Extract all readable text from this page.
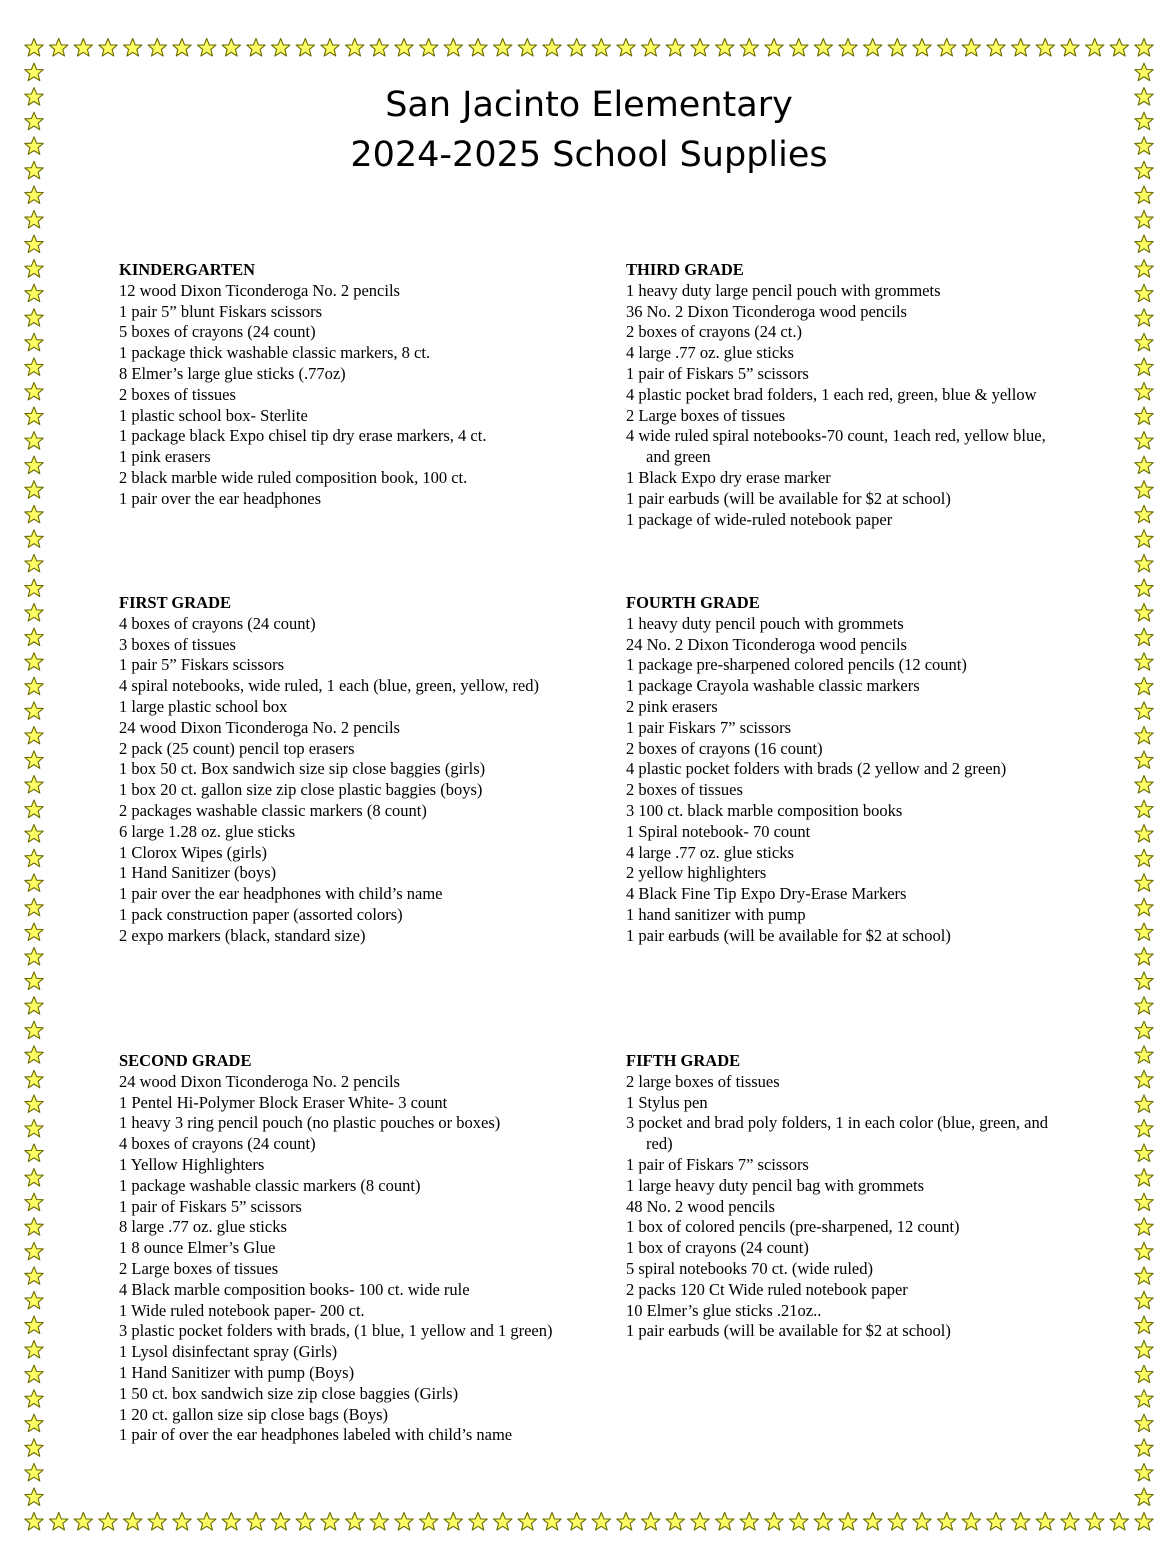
San Jacinto Elementary
2024-2025 School Supplies
KINDERGARTEN
12 wood Dixon Ticonderoga No. 2 pencils
1 pair 5” blunt Fiskars scissors
5 boxes of crayons (24 count)
1 package thick washable classic markers, 8 ct.
8 Elmer’s large glue sticks (.77oz)
2 boxes of tissues
1 plastic school box- Sterlite
1 package black Expo chisel tip dry erase markers, 4 ct.
1 pink erasers
2 black marble wide ruled composition book, 100 ct.
1 pair over the ear headphones
FIRST GRADE
4 boxes of crayons (24 count)
3 boxes of tissues
1 pair 5” Fiskars scissors
4 spiral notebooks, wide ruled, 1 each (blue, green, yellow, red)
1 large plastic school box
24 wood Dixon Ticonderoga No. 2 pencils
2 pack (25 count) pencil top erasers
1 box 50 ct. Box sandwich size sip close baggies (girls)
1 box 20 ct. gallon size zip close plastic baggies (boys)
2 packages washable classic markers (8 count)
6 large 1.28 oz. glue sticks
1 Clorox Wipes (girls)
1 Hand Sanitizer (boys)
1 pair over the ear headphones with child’s name
1 pack construction paper (assorted colors)
2 expo markers (black, standard size)
SECOND GRADE
24 wood Dixon Ticonderoga No. 2 pencils
1 Pentel Hi-Polymer Block Eraser White- 3 count
1 heavy 3 ring pencil pouch (no plastic pouches or boxes)
4 boxes of crayons (24 count)
1 Yellow Highlighters
1 package washable classic markers (8 count)
1 pair of Fiskars 5” scissors
8 large .77 oz. glue sticks
1 8 ounce Elmer’s Glue
2 Large boxes of tissues
4 Black marble composition books- 100 ct. wide rule
1 Wide ruled notebook paper- 200 ct.
3 plastic pocket folders with brads, (1 blue, 1 yellow and 1 green)
1 Lysol disinfectant spray (Girls)
1 Hand Sanitizer with pump (Boys)
1 50 ct. box sandwich size zip close baggies (Girls)
1 20 ct. gallon size sip close bags (Boys)
1 pair of over the ear headphones labeled with child’s name
THIRD GRADE
1 heavy duty large pencil pouch with grommets
36 No. 2 Dixon Ticonderoga wood pencils
2 boxes of crayons (24 ct.)
4 large .77 oz. glue sticks
1 pair of Fiskars 5” scissors
4 plastic pocket brad folders, 1 each red, green, blue & yellow
2 Large boxes of tissues
4 wide ruled spiral notebooks-70 count, 1each red, yellow blue, and green
1 Black Expo dry erase marker
1 pair earbuds (will be available for $2 at school)
1 package of wide-ruled notebook paper
FOURTH GRADE
1 heavy duty pencil pouch with grommets
24 No. 2 Dixon Ticonderoga wood pencils
1 package pre-sharpened colored pencils (12 count)
1 package Crayola washable classic markers
2 pink erasers
1 pair Fiskars 7” scissors
2 boxes of crayons (16 count)
4 plastic pocket folders with brads (2 yellow and 2 green)
2 boxes of tissues
3 100 ct. black marble composition books
1 Spiral notebook- 70 count
4 large .77 oz. glue sticks
2 yellow highlighters
4 Black Fine Tip Expo Dry-Erase Markers
1 hand sanitizer with pump
1 pair earbuds (will be available for $2 at school)
FIFTH GRADE
2 large boxes of tissues
1 Stylus pen
3 pocket and brad poly folders, 1 in each color (blue, green, and red)
1 pair of Fiskars 7” scissors
1 large heavy duty pencil bag with grommets
48 No. 2 wood pencils
1 box of colored pencils (pre-sharpened, 12 count)
1 box of crayons (24 count)
5 spiral notebooks 70 ct. (wide ruled)
2 packs 120 Ct Wide ruled notebook paper
10 Elmer’s glue sticks .21oz..
1 pair earbuds (will be available for $2 at school)
